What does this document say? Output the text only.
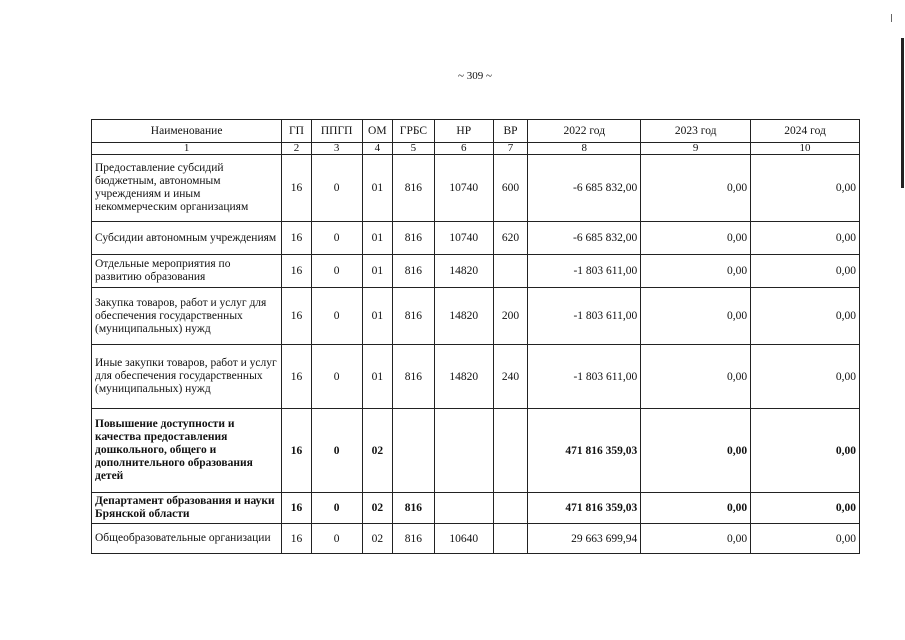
~ 309 ~
Наименование	ГП	ППГП	ОМ	ГРБС	НР	ВР	2022 год	2023 год	2024 год
1	2	3	4	5	6	7	8	9	10
Предоставление субсидий бюджетным, автономным учреждениям и иным некоммерческим организациям	16	0	01	816	10740	600	-6 685 832,00	0,00	0,00
Субсидии автономным учреждениям	16	0	01	816	10740	620	-6 685 832,00	0,00	0,00
Отдельные мероприятия по развитию образования	16	0	01	816	14820		-1 803 611,00	0,00	0,00
Закупка товаров, работ и услуг для обеспечения государственных (муниципальных) нужд	16	0	01	816	14820	200	-1 803 611,00	0,00	0,00
Иные закупки товаров, работ и услуг для обеспечения государственных (муниципальных) нужд	16	0	01	816	14820	240	-1 803 611,00	0,00	0,00
Повышение доступности и качества предоставления дошкольного, общего и дополнительного образования детей	16	0	02				471 816 359,03	0,00	0,00
Департамент образования и науки Брянской области	16	0	02	816			471 816 359,03	0,00	0,00
Общеобразовательные организации	16	0	02	816	10640		29 663 699,94	0,00	0,00
